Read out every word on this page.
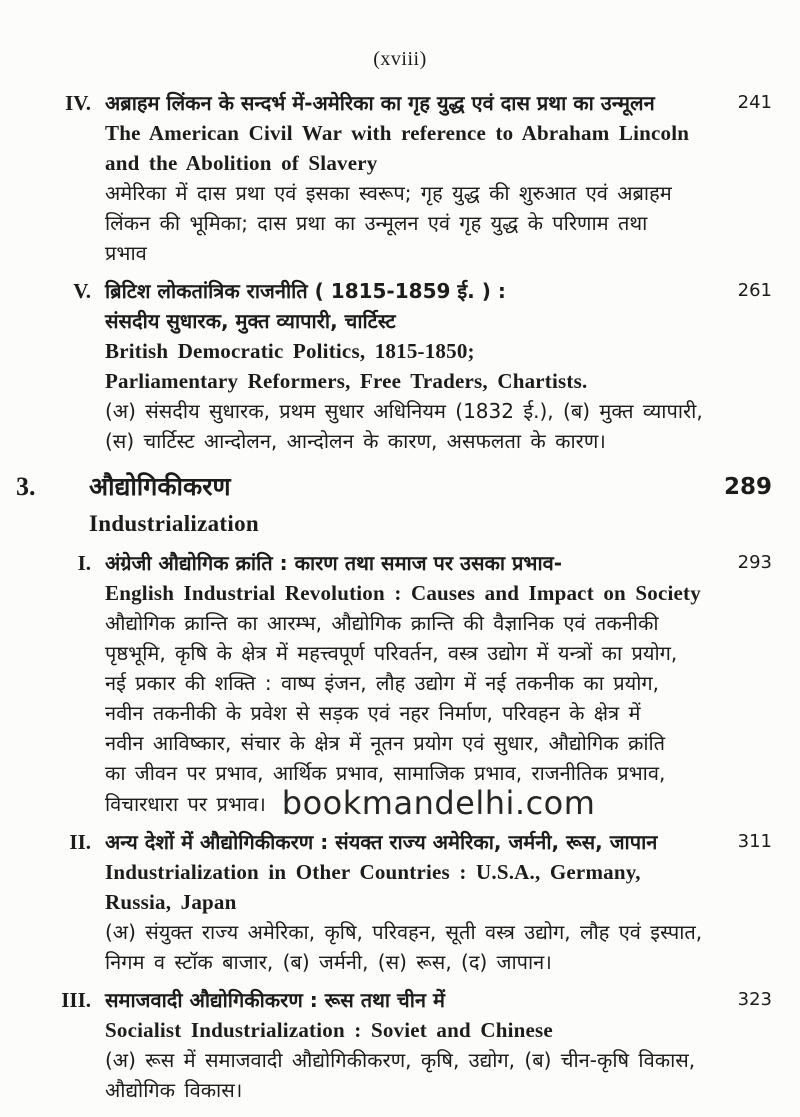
(xviii)
IV. अब्राहम लिंकन के सन्दर्भ में-अमेरिका का गृह युद्ध एवं दास प्रथा का उन्मूलन
The American Civil War with reference to Abraham Lincoln
and the Abolition of Slavery
अमेरिका में दास प्रथा एवं इसका स्वरूप; गृह युद्ध की शुरुआत एवं अब्राहम
लिंकन की भूमिका; दास प्रथा का उन्मूलन एवं गृह युद्ध के परिणाम तथा
प्रभाव
241
V. ब्रिटिश लोकतांत्रिक राजनीति ( 1815-1859 ई. ) :
संसदीय सुधारक, मुक्त व्यापारी, चार्टिस्ट
British Democratic Politics, 1815-1850;
Parliamentary Reformers, Free Traders, Chartists.
(अ) संसदीय सुधारक, प्रथम सुधार अधिनियम (1832 ई.), (ब) मुक्त व्यापारी,
(स) चार्टिस्ट आन्दोलन, आन्दोलन के कारण, असफलता के कारण।
261
3.	औद्योगिकीकरण
Industrialization
289
I. अंग्रेजी औद्योगिक क्रांति : कारण तथा समाज पर उसका प्रभाव-
English Industrial Revolution : Causes and Impact on Society
औद्योगिक क्रान्ति का आरम्भ, औद्योगिक क्रान्ति की वैज्ञानिक एवं तकनीकी
पृष्ठभूमि, कृषि के क्षेत्र में महत्त्वपूर्ण परिवर्तन, वस्त्र उद्योग में यन्त्रों का प्रयोग,
नई प्रकार की शक्ति : वाष्प इंजन, लौह उद्योग में नई तकनीक का प्रयोग,
नवीन तकनीकी के प्रवेश से सड़क एवं नहर निर्माण, परिवहन के क्षेत्र में
नवीन आविष्कार, संचार के क्षेत्र में नूतन प्रयोग एवं सुधार, औद्योगिक क्रांति
का जीवन पर प्रभाव, आर्थिक प्रभाव, सामाजिक प्रभाव, राजनीतिक प्रभाव,
विचारधारा पर प्रभाव। bookmandelhi.com
293
II. अन्य देशों में औद्योगिकीकरण : संयक्त राज्य अमेरिका, जर्मनी, रूस, जापान
Industrialization in Other Countries : U.S.A., Germany,
Russia, Japan
(अ) संयुक्त राज्य अमेरिका, कृषि, परिवहन, सूती वस्त्र उद्योग, लौह एवं इस्पात,
निगम व स्टॉक बाजार, (ब) जर्मनी, (स) रूस, (द) जापान।
311
III. समाजवादी औद्योगिकीकरण : रूस तथा चीन में
Socialist Industrialization : Soviet and Chinese
(अ) रूस में समाजवादी औद्योगिकीकरण, कृषि, उद्योग, (ब) चीन-कृषि विकास,
औद्योगिक विकास।
323
